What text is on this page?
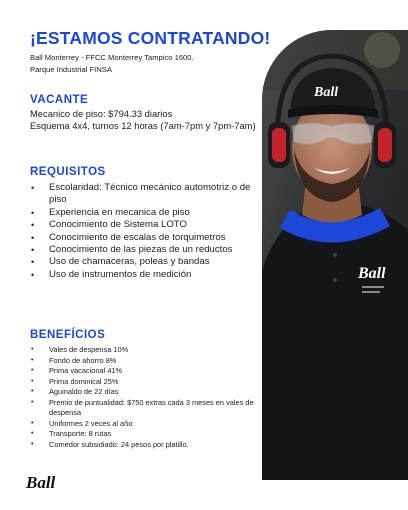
Ball
Ball
¡ESTAMOS CONTRATANDO!
Ball Monterrey - FFCC Monterrey Tampico 1600.
Parque Industrial FINSA
VACANTE
Mecanico de piso: $794.33 diarios
Esquema 4x4, turnos 12 horas (7am-7pm y 7pm-7am)
REQUISITOS
• Escolaridad: Técnico mecánico automotriz o de piso
• Experiencia en mecanica de piso
• Conocimiento de Sistema LOTO
• Conocimiento de escalas de torquimetros
• Conocimiento de las piezas de un reductos
• Uso de chamaceras, poleas y bandas
• Uso de instrumentos de medición
BENEFÍCIOS
• Vales de despensa 10%
• Fondo de ahorro 8%
• Prima vacacional 41%
• Prima dominical 25%
• Aguinaldo de 22 días
• Premio de puntualidad: $750 extras cada 3 meses en vales de despensa
• Uniformes 2 veces al año
• Transporte: 8 rutas
• Comedor subsidiado: 24 pesos por platillo.
Ball
